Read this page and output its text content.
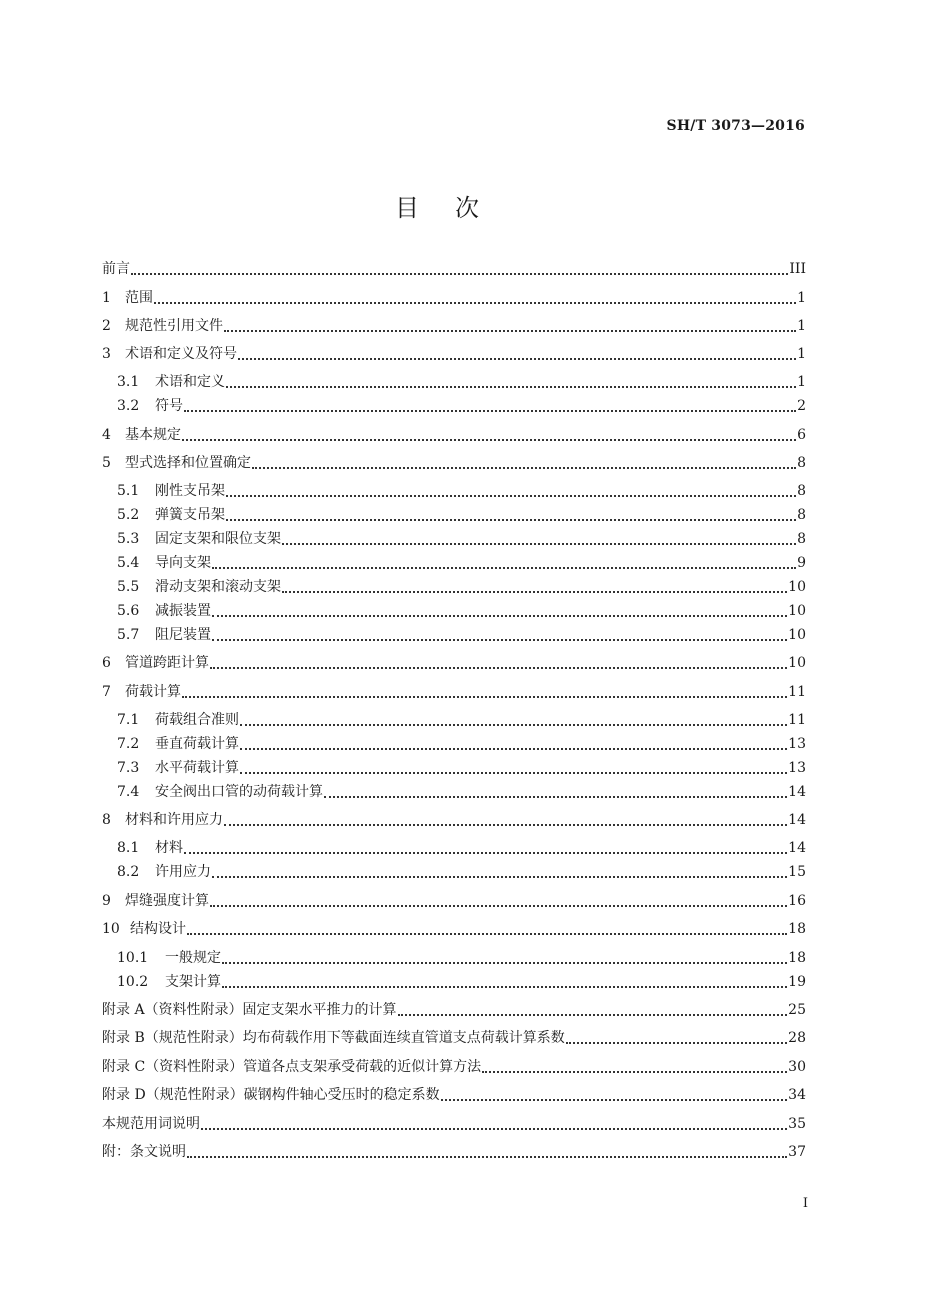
SH/T 3073—2016
目次
前言	III
1	范围	1
2	规范性引用文件	1
3	术语和定义及符号	1
3.1	术语和定义	1
3.2	符号	2
4	基本规定	6
5	型式选择和位置确定	8
5.1	刚性支吊架	8
5.2	弹簧支吊架	8
5.3	固定支架和限位支架	8
5.4	导向支架	9
5.5	滑动支架和滚动支架	10
5.6	减振装置	10
5.7	阻尼装置	10
6	管道跨距计算	10
7	荷载计算	11
7.1	荷载组合准则	11
7.2	垂直荷载计算	13
7.3	水平荷载计算	13
7.4	安全阀出口管的动荷载计算	14
8	材料和许用应力	14
8.1	材料	14
8.2	许用应力	15
9	焊缝强度计算	16
10 结构设计	18
10.1	一般规定	18
10.2	支架计算	19
附录 A（资料性附录）固定支架水平推力的计算	25
附录 B（规范性附录）均布荷载作用下等截面连续直管道支点荷载计算系数	28
附录 C（资料性附录）管道各点支架承受荷载的近似计算方法	30
附录 D（规范性附录）碳钢构件轴心受压时的稳定系数	34
本规范用词说明	35
附：条文说明	37
I
